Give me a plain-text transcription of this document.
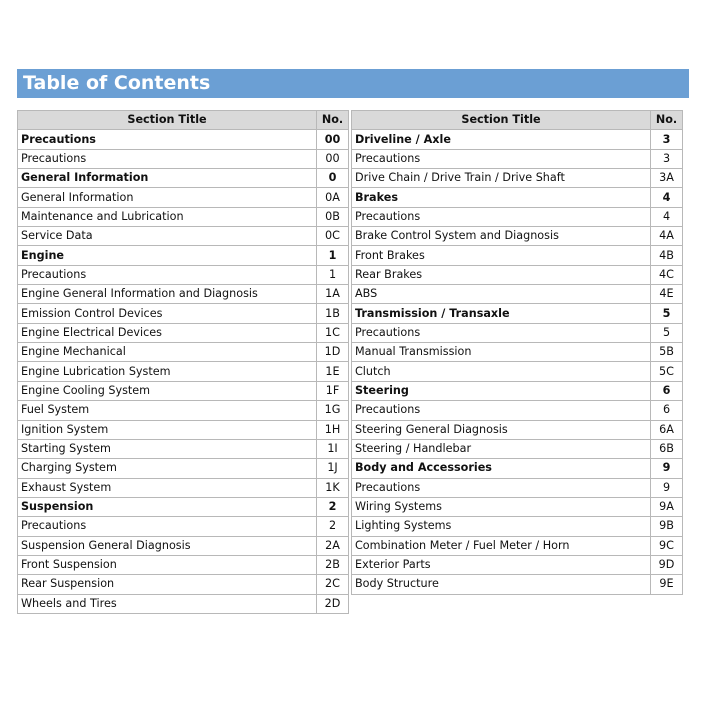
Table of Contents
Section Title	No.
Precautions	00
Precautions	00
General Information	0
General Information	0A
Maintenance and Lubrication	0B
Service Data	0C
Engine	1
Precautions	1
Engine General Information and Diagnosis	1A
Emission Control Devices	1B
Engine Electrical Devices	1C
Engine Mechanical	1D
Engine Lubrication System	1E
Engine Cooling System	1F
Fuel System	1G
Ignition System	1H
Starting System	1I
Charging System	1J
Exhaust System	1K
Suspension	2
Precautions	2
Suspension General Diagnosis	2A
Front Suspension	2B
Rear Suspension	2C
Wheels and Tires	2D
Section Title	No.
Driveline / Axle	3
Precautions	3
Drive Chain / Drive Train / Drive Shaft	3A
Brakes	4
Precautions	4
Brake Control System and Diagnosis	4A
Front Brakes	4B
Rear Brakes	4C
ABS	4E
Transmission / Transaxle	5
Precautions	5
Manual Transmission	5B
Clutch	5C
Steering	6
Precautions	6
Steering General Diagnosis	6A
Steering / Handlebar	6B
Body and Accessories	9
Precautions	9
Wiring Systems	9A
Lighting Systems	9B
Combination Meter / Fuel Meter / Horn	9C
Exterior Parts	9D
Body Structure	9E
